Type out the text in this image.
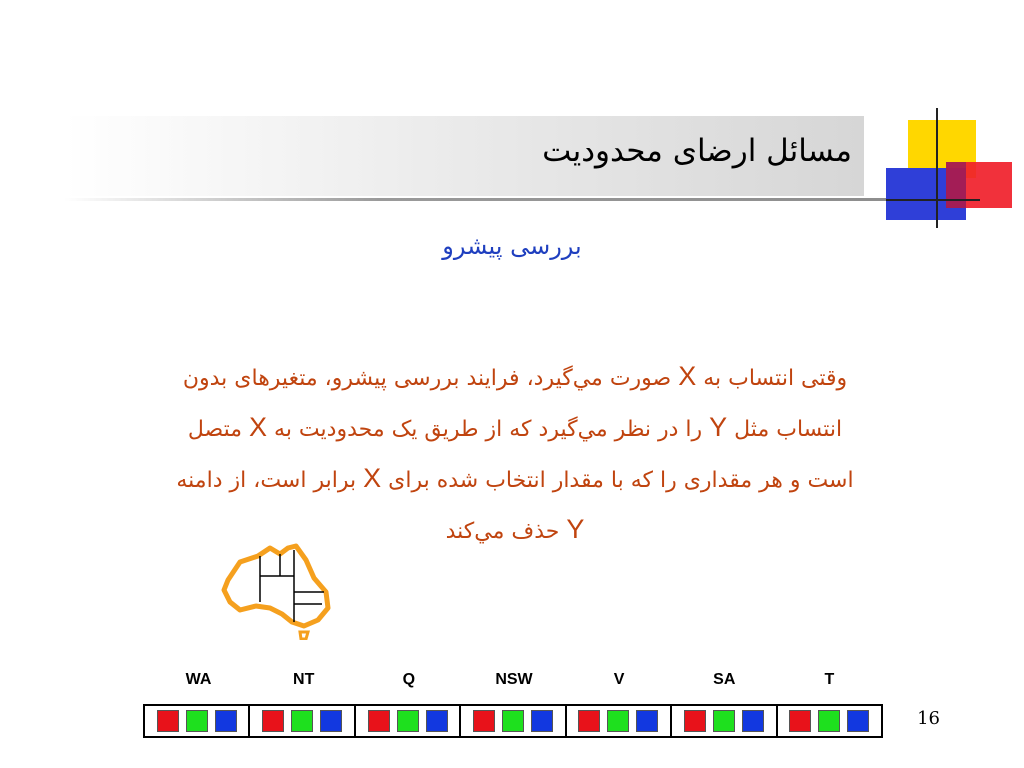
مسائل ارضای محدودیت
بررسی پیشرو
وقتی انتساب به X صورت مي‌گيرد، فرایند بررسی پیشرو، متغیرهای بدون
انتساب مثل Y را در نظر مي‌گيرد که از طريق يک محدوديت به X متصل
است و هر مقداری را که با مقدار انتخاب شده برای X برابر است، از دامنه
Y حذف مي‌کند
WA	NT	Q	NSW	V	SA	T
16
